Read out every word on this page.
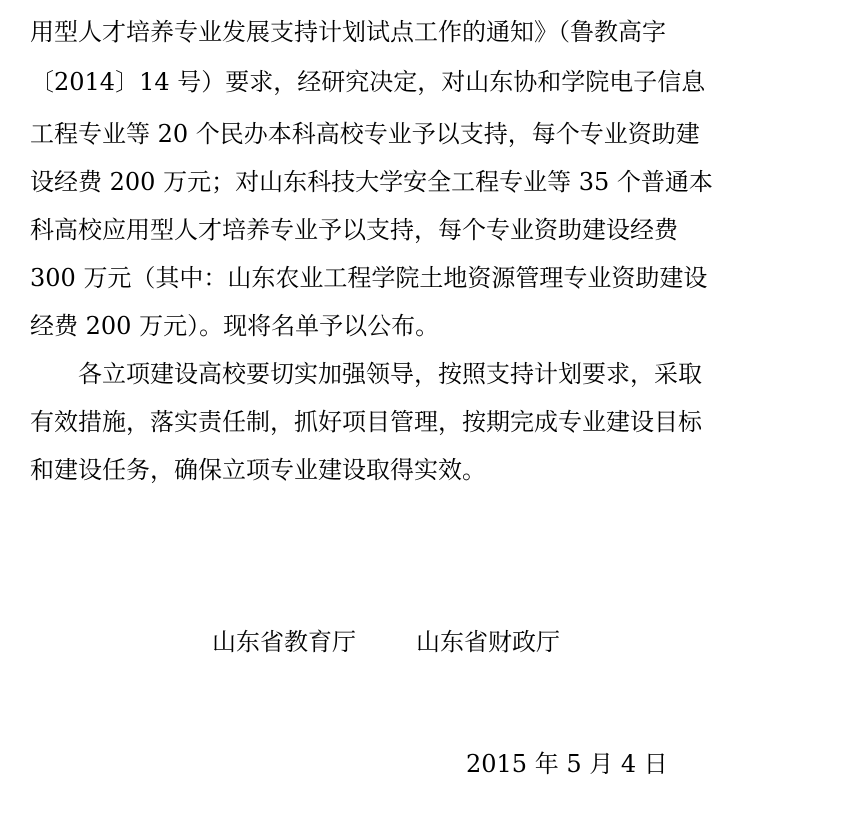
用型人才培养专业发展支持计划试点工作的通知》（鲁教高字
〔2014〕14 号）要求，经研究决定，对山东协和学院电子信息
工程专业等 20 个民办本科高校专业予以支持，每个专业资助建
设经费 200 万元；对山东科技大学安全工程专业等 35 个普通本
科高校应用型人才培养专业予以支持，每个专业资助建设经费
300 万元（其中：山东农业工程学院土地资源管理专业资助建设
经费 200 万元）。现将名单予以公布。
各立项建设高校要切实加强领导，按照支持计划要求，采取
有效措施，落实责任制，抓好项目管理，按期完成专业建设目标
和建设任务，确保立项专业建设取得实效。
山东省教育厅	山东省财政厅
2015 年 5 月 4 日
